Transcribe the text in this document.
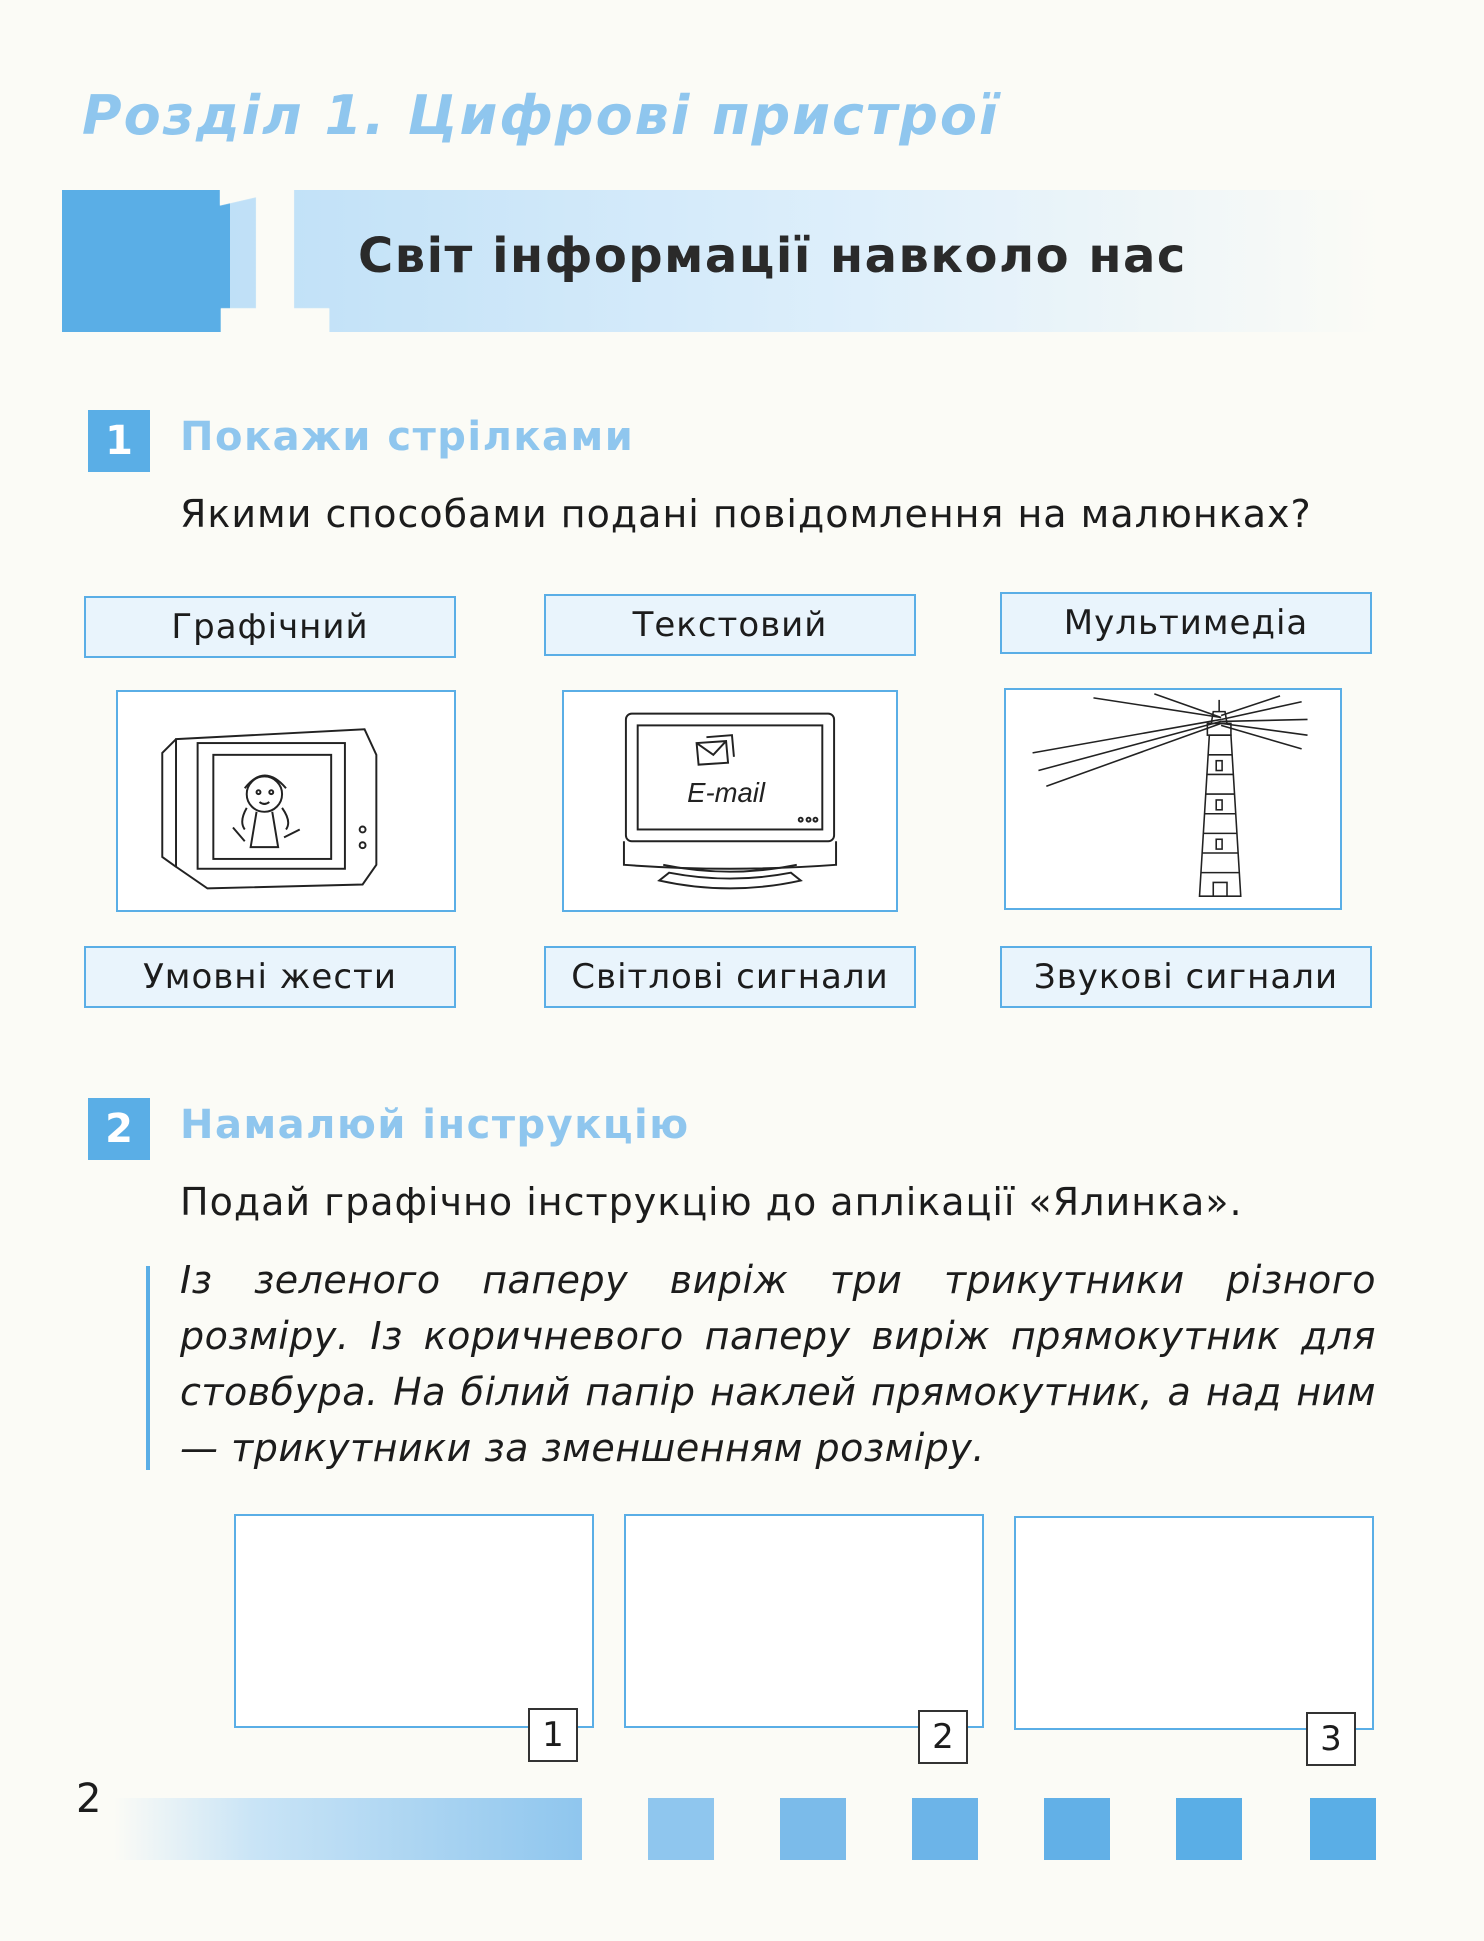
Розділ 1. Цифрові пристрої
1 Світ інформації навколо нас
1	Покажи стрілками
Якими способами подані повідомлення на малюнках?
Графічний	Текстовий	Мультимедіа
E-mail
Умовні жести	Світлові сигнали	Звукові сигнали
2	Намалюй інструкцію
Подай графічно інструкцію до аплікації «Ялинка».
Із зеленого паперу виріж три трикутники різного розміру. Із коричневого паперу виріж прямокутник для стовбура. На білий папір наклей прямокутник, а над ним — трикутники за зменшенням розміру.
1	2	3
2
